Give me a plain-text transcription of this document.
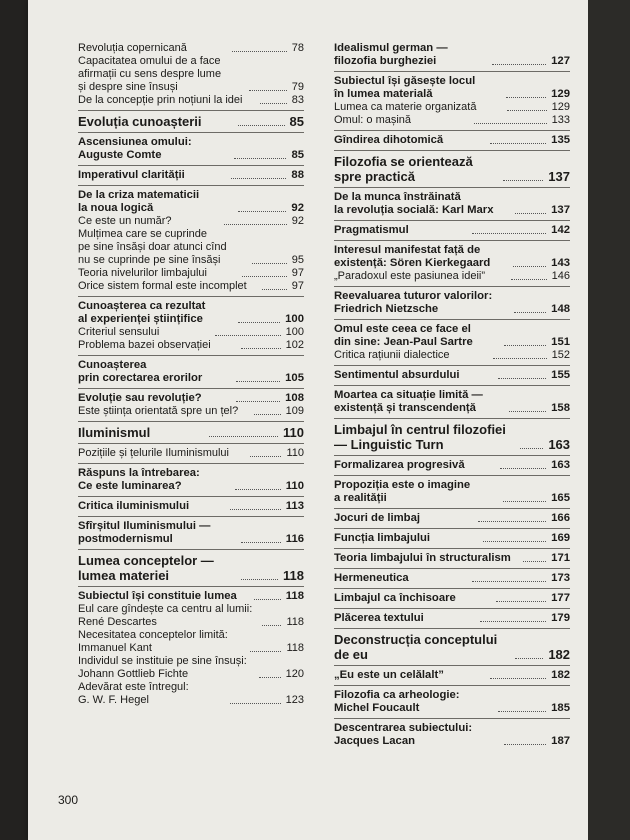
Revoluția copernicană	78
Capacitatea omului de a face
afirmații cu sens despre lume
și despre sine însuși	79
De la concepție prin noțiuni la idei	83
Evoluția cunoașterii	85
Ascensiunea omului:
Auguste Comte	85
Imperativul clarității	88
De la criza matematicii
la noua logică	92
Ce este un număr?	92
Mulțimea care se cuprinde
pe sine însăși doar atunci cînd
nu se cuprinde pe sine însăși	95
Teoria nivelurilor limbajului	97
Orice sistem formal este incomplet	97
Cunoașterea ca rezultat
al experienței științifice	100
Criteriul sensului	100
Problema bazei observației	102
Cunoașterea
prin corectarea erorilor	105
Evoluție sau revoluție?	108
Este știința orientată spre un țel?	109
Iluminismul	110
Pozițiile și țelurile Iluminismului	110
Răspuns la întrebarea:
Ce este luminarea?	110
Critica iluminismului	113
Sfîrșitul Iluminismului —
postmodernismul	116
Lumea conceptelor —
lumea materiei	118
Subiectul își constituie lumea	118
Eul care gîndește ca centru al lumii:
René Descartes	118
Necesitatea conceptelor limită:
Immanuel Kant	118
Individul se instituie pe sine însuși:
Johann Gottlieb Fichte	120
Adevărat este întregul:
G. W. F. Hegel	123
Idealismul german —
filozofia burgheziei	127
Subiectul își găsește locul
în lumea materială	129
Lumea ca materie organizată	129
Omul: o mașină	133
Gîndirea dihotomică	135
Filozofia se orientează
spre practică	137
De la munca înstrăinată
la revoluția socială: Karl Marx	137
Pragmatismul	142
Interesul manifestat față de
existență: Sören Kierkegaard	143
„Paradoxul este pasiunea ideii”	146
Reevaluarea tuturor valorilor:
Friedrich Nietzsche	148
Omul este ceea ce face el
din sine: Jean-Paul Sartre	151
Critica rațiunii dialectice	152
Sentimentul absurdului	155
Moartea ca situație limită —
existență și transcendență	158
Limbajul în centrul filozofiei
— Linguistic Turn	163
Formalizarea progresivă	163
Propoziția este o imagine
a realității	165
Jocuri de limbaj	166
Funcția limbajului	169
Teoria limbajului în structuralism	171
Hermeneutica	173
Limbajul ca închisoare	177
Plăcerea textului	179
Deconstrucția conceptului
de eu	182
„Eu este un celălalt”	182
Filozofia ca arheologie:
Michel Foucault	185
Descentrarea subiectului:
Jacques Lacan	187
300
